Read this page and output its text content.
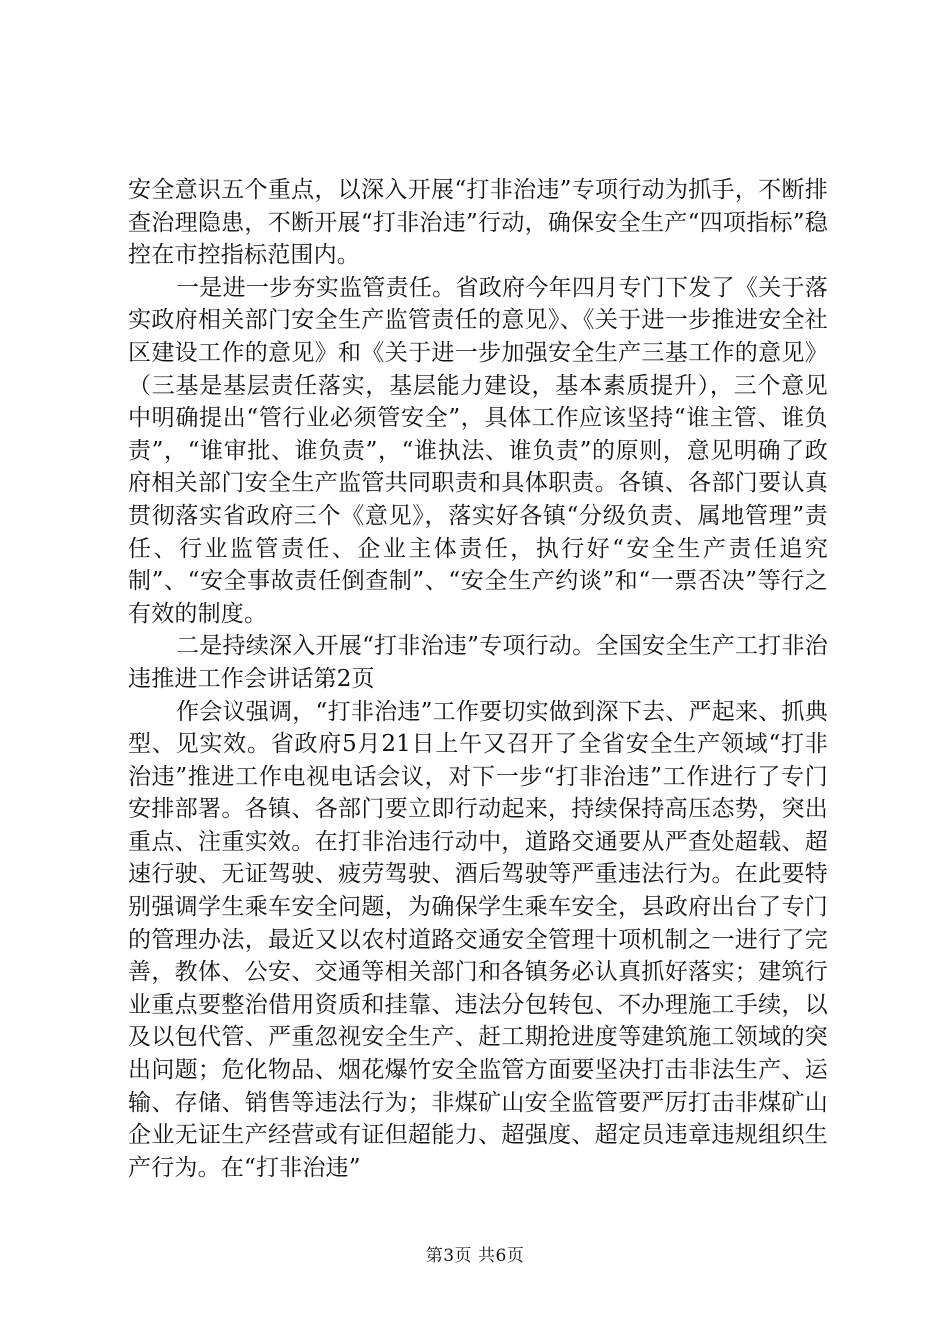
安全意识五个重点，以深入开展“打非治违”专项行动为抓手，不断排查治理隐患，不断开展“打非治违”行动，确保安全生产“四项指标”稳控在市控指标范围内。

一是进一步夯实监管责任。省政府今年四月专门下发了《关于落实政府相关部门安全生产监管责任的意见》、《关于进一步推进安全社区建设工作的意见》和《关于进一步加强安全生产三基工作的意见》（三基是基层责任落实，基层能力建设，基本素质提升），三个意见中明确提出“管行业必须管安全”，具体工作应该坚持“谁主管、谁负责”，“谁审批、谁负责”，“谁执法、谁负责”的原则，意见明确了政府相关部门安全生产监管共同职责和具体职责。各镇、各部门要认真贯彻落实省政府三个《意见》，落实好各镇“分级负责、属地管理”责任、行业监管责任、企业主体责任，执行好“安全生产责任追究制”、“安全事故责任倒查制”、“安全生产约谈”和“一票否决”等行之有效的制度。

二是持续深入开展“打非治违”专项行动。全国安全生产工打非治违推进工作会讲话第2页

作会议强调，“打非治违”工作要切实做到深下去、严起来、抓典型、见实效。省政府5月21日上午又召开了全省安全生产领域“打非治违”推进工作电视电话会议，对下一步“打非治违”工作进行了专门安排部署。各镇、各部门要立即行动起来，持续保持高压态势，突出重点、注重实效。在打非治违行动中，道路交通要从严查处超载、超速行驶、无证驾驶、疲劳驾驶、酒后驾驶等严重违法行为。在此要特别强调学生乘车安全问题，为确保学生乘车安全，县政府出台了专门的管理办法，最近又以农村道路交通安全管理十项机制之一进行了完善，教体、公安、交通等相关部门和各镇务必认真抓好落实；建筑行业重点要整治借用资质和挂靠、违法分包转包、不办理施工手续，以及以包代管、严重忽视安全生产、赶工期抢进度等建筑施工领域的突出问题；危化物品、烟花爆竹安全监管方面要坚决打击非法生产、运输、存储、销售等违法行为；非煤矿山安全监管要严厉打击非煤矿山企业无证生产经营或有证但超能力、超强度、超定员违章违规组织生产行为。在“打非治违”

第3页 共6页
